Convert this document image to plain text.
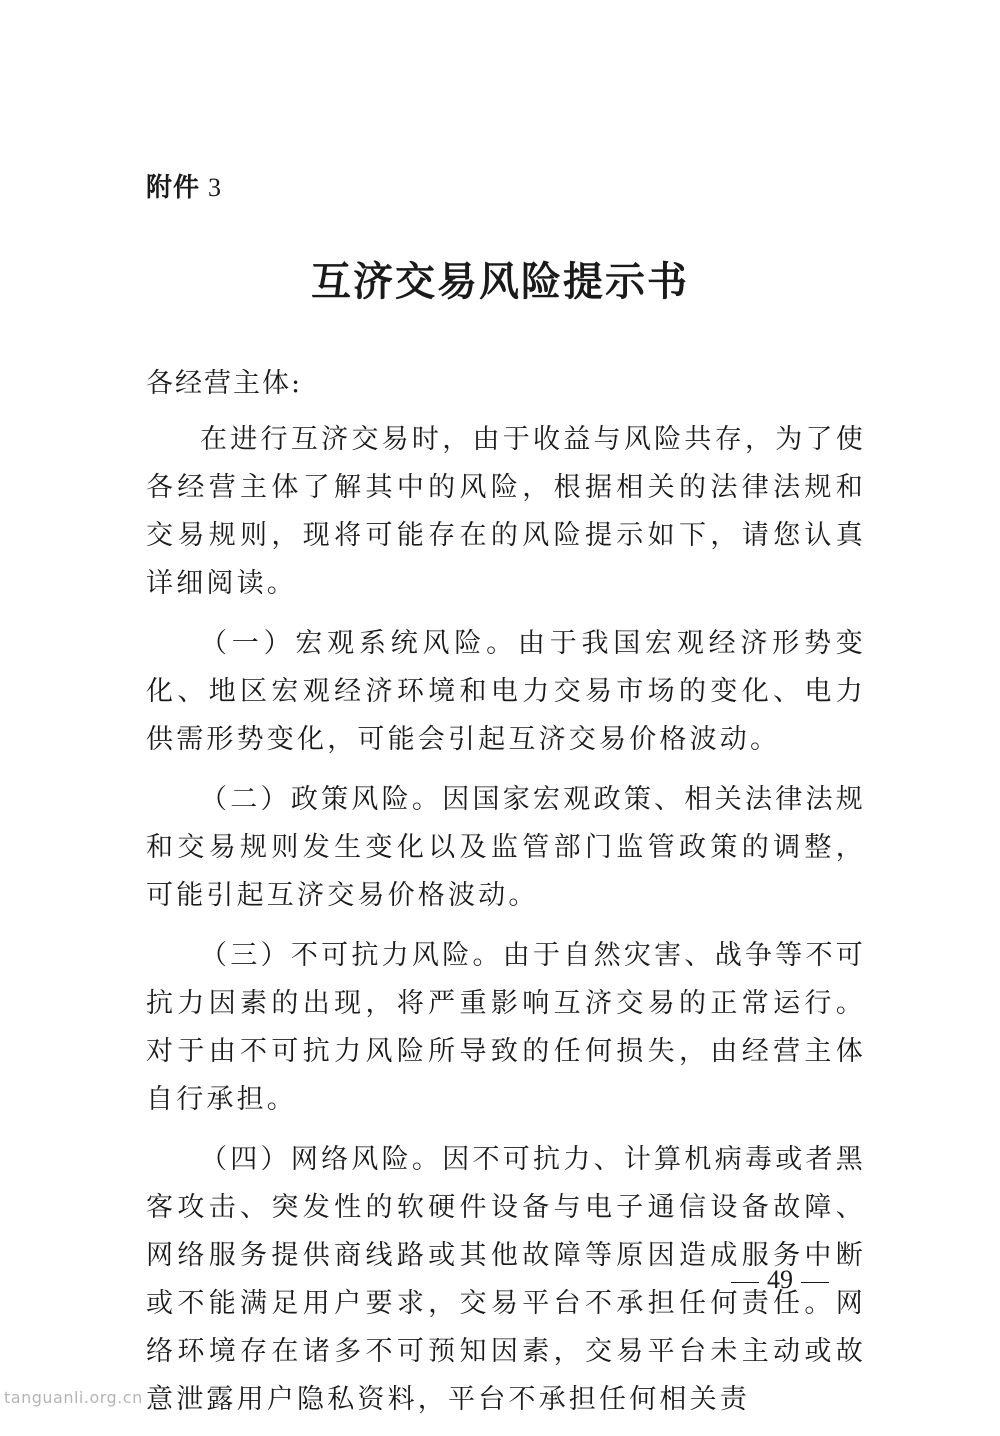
附件 3
互济交易风险提示书

各经营主体:

在进行互济交易时，由于收益与风险共存，为了使各经营主体了解其中的风险，根据相关的法律法规和交易规则，现将可能存在的风险提示如下，请您认真详细阅读。

（一）宏观系统风险。由于我国宏观经济形势变化、地区宏观经济环境和电力交易市场的变化、电力供需形势变化，可能会引起互济交易价格波动。

（二）政策风险。因国家宏观政策、相关法律法规和交易规则发生变化以及监管部门监管政策的调整，可能引起互济交易价格波动。

（三）不可抗力风险。由于自然灾害、战争等不可抗力因素的出现，将严重影响互济交易的正常运行。对于由不可抗力风险所导致的任何损失，由经营主体自行承担。

（四）网络风险。因不可抗力、计算机病毒或者黑客攻击、突发性的软硬件设备与电子通信设备故障、网络服务提供商线路或其他故障等原因造成服务中断或不能满足用户要求，交易平台不承担任何责任。网络环境存在诸多不可预知因素，交易平台未主动或故意泄露用户隐私资料，平台不承担任何相关责

49
tanguanli.org.cn
